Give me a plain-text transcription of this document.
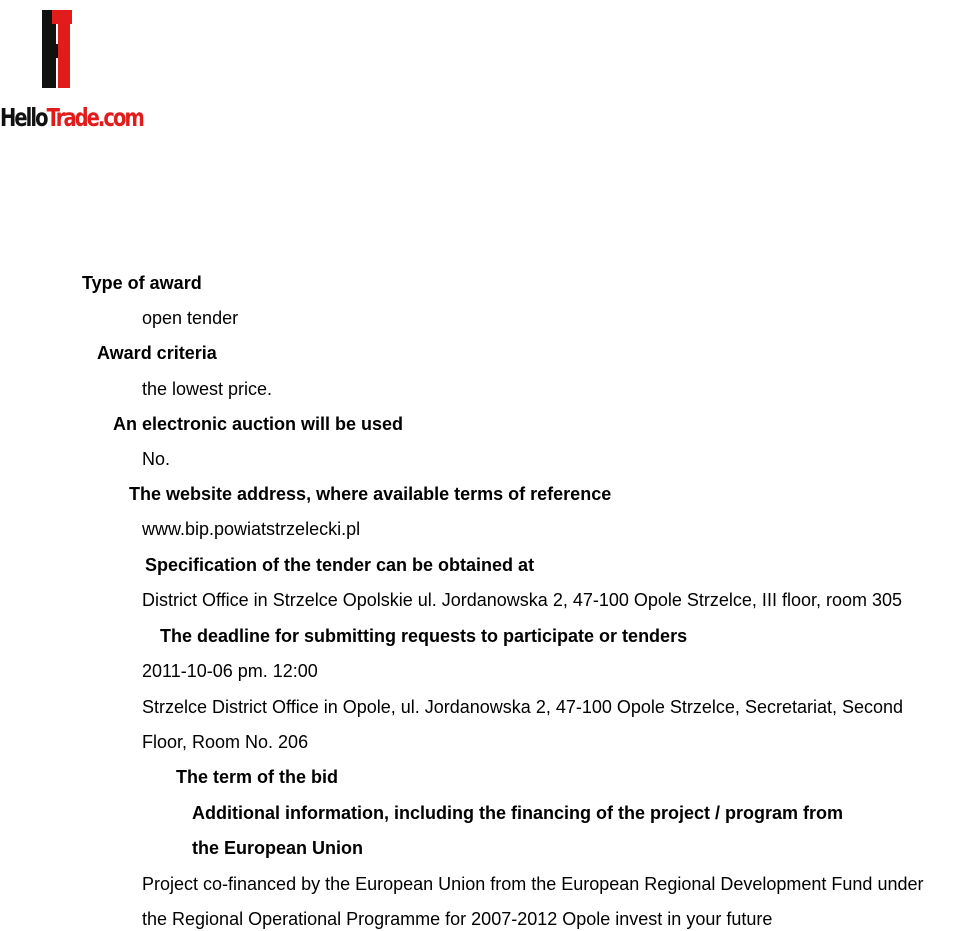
HelloTrade.com
Type of award
open tender
Award criteria
the lowest price.
An electronic auction will be used
No.
The website address, where available terms of reference
www.bip.powiatstrzelecki.pl
Specification of the tender can be obtained at
District Office in Strzelce Opolskie ul. Jordanowska 2, 47-100 Opole Strzelce, III floor, room 305
The deadline for submitting requests to participate or tenders
2011-10-06 pm. 12:00
Strzelce District Office in Opole, ul. Jordanowska 2, 47-100 Opole Strzelce, Secretariat, Second
Floor, Room No. 206
The term of the bid
Additional information, including the financing of the project / program from
the European Union
Project co-financed by the European Union from the European Regional Development Fund under
the Regional Operational Programme for 2007-2012 Opole invest in your future
